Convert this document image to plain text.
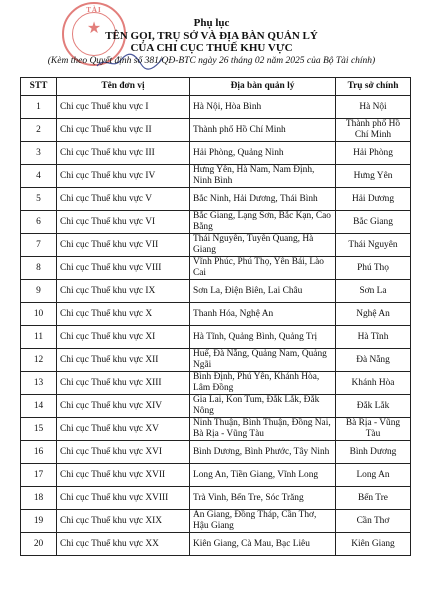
TÀI
★	Phụ lục
TÊN GỌI, TRỤ SỞ VÀ ĐỊA BÀN QUẢN LÝ
CỦA CHI CỤC THUẾ KHU VỰC
(Kèm theo Quyết định số 381/QĐ-BTC ngày 26 tháng 02 năm 2025 của Bộ Tài chính)
STT	Tên đơn vị	Địa bàn quản lý	Trụ sở chính
1	Chi cục Thuế khu vực I	Hà Nội, Hòa Bình	Hà Nội
2	Chi cục Thuế khu vực II	Thành phố Hồ Chí Minh	Thành phố Hồ Chí Minh
3	Chi cục Thuế khu vực III	Hải Phòng, Quảng Ninh	Hải Phòng
4	Chi cục Thuế khu vực IV	Hưng Yên, Hà Nam, Nam Định, Ninh Bình	Hưng Yên
5	Chi cục Thuế khu vực V	Bắc Ninh, Hải Dương, Thái Bình	Hải Dương
6	Chi cục Thuế khu vực VI	Bắc Giang, Lạng Sơn, Bắc Kạn, Cao Bằng	Bắc Giang
7	Chi cục Thuế khu vực VII	Thái Nguyên, Tuyên Quang, Hà Giang	Thái Nguyên
8	Chi cục Thuế khu vực VIII	Vĩnh Phúc, Phú Thọ, Yên Bái, Lào Cai	Phú Thọ
9	Chi cục Thuế khu vực IX	Sơn La, Điện Biên, Lai Châu	Sơn La
10	Chi cục Thuế khu vực X	Thanh Hóa, Nghệ An	Nghệ An
11	Chi cục Thuế khu vực XI	Hà Tĩnh, Quảng Bình, Quảng Trị	Hà Tĩnh
12	Chi cục Thuế khu vực XII	Huế, Đà Nẵng, Quảng Nam, Quảng Ngãi	Đà Nẵng
13	Chi cục Thuế khu vực XIII	Bình Định, Phú Yên, Khánh Hòa, Lâm Đồng	Khánh Hòa
14	Chi cục Thuế khu vực XIV	Gia Lai, Kon Tum, Đắk Lắk, Đắk Nông	Đắk Lắk
15	Chi cục Thuế khu vực XV	Ninh Thuận, Bình Thuận, Đồng Nai, Bà Rịa - Vũng Tàu	Bà Rịa - Vũng Tàu
16	Chi cục Thuế khu vực XVI	Bình Dương, Bình Phước, Tây Ninh	Bình Dương
17	Chi cục Thuế khu vực XVII	Long An, Tiền Giang, Vĩnh Long	Long An
18	Chi cục Thuế khu vực XVIII	Trà Vinh, Bến Tre, Sóc Trăng	Bến Tre
19	Chi cục Thuế khu vực XIX	An Giang, Đồng Tháp, Cần Thơ, Hậu Giang	Cần Thơ
20	Chi cục Thuế khu vực XX	Kiên Giang, Cà Mau, Bạc Liêu	Kiên Giang
